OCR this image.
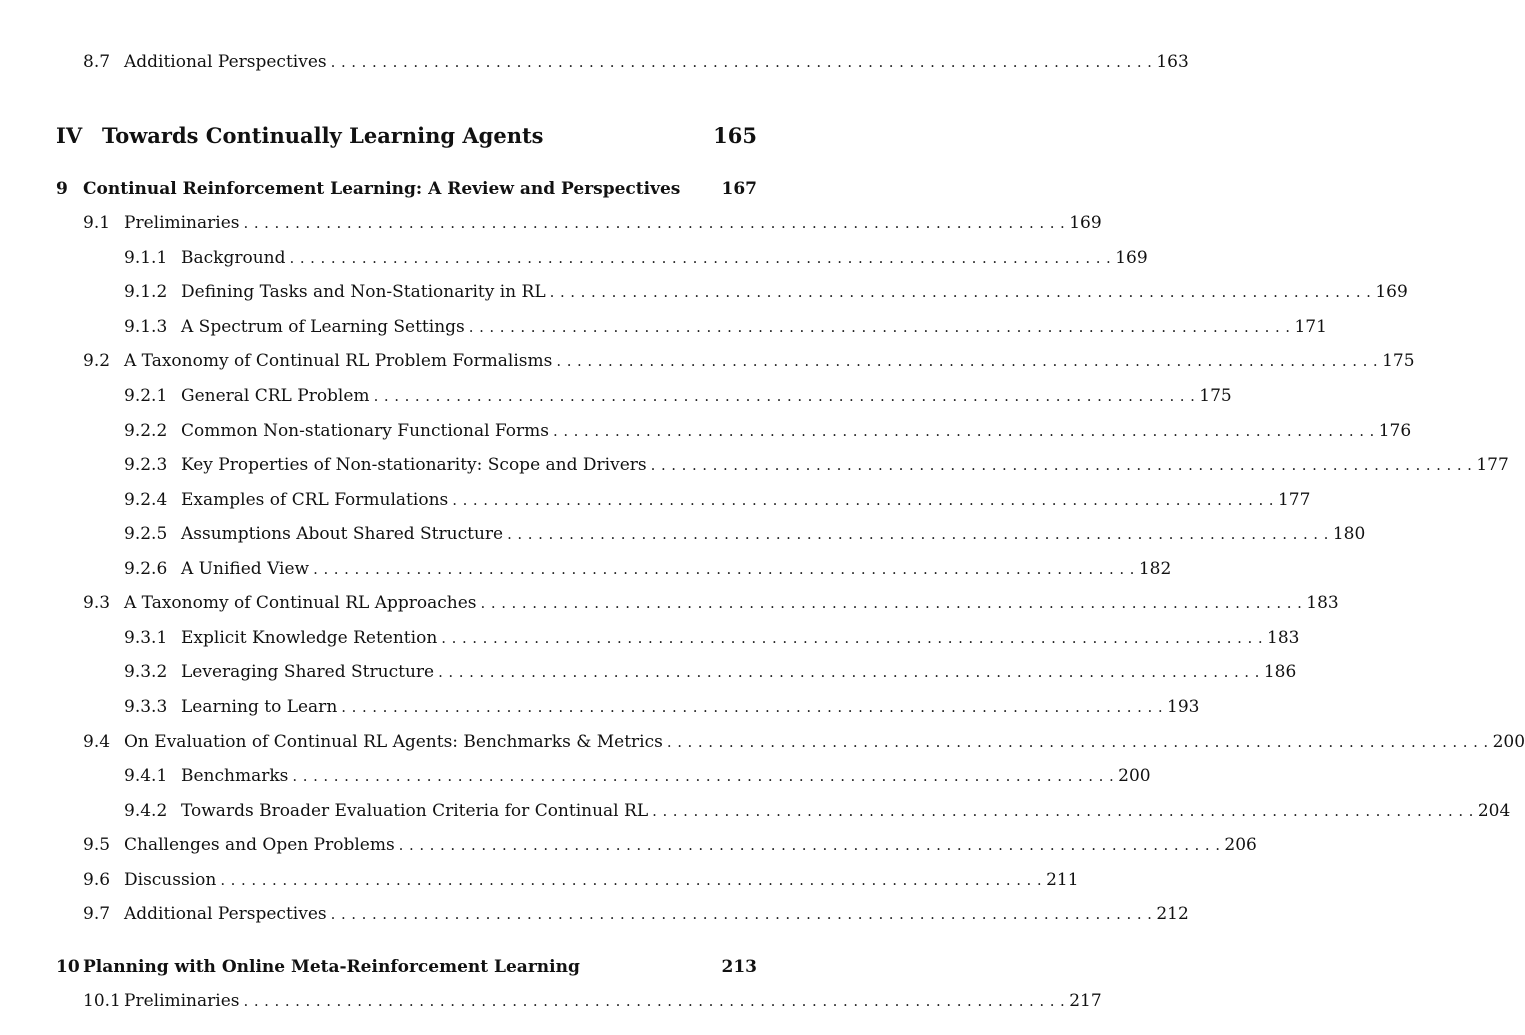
8.7 Additional Perspectives . . . . . . . . . . . . . . . . . . . . . . . . . . . . . . . . . . . . . . . . . . . . . . . . . . . . . . . . . . . . . . . . . . . . . . . . . . . . . . . . 163
IV Towards Continually Learning Agents	165
9 Continual Reinforcement Learning: A Review and Perspectives 167
9.1 Preliminaries . . . . . . . . . . . . . . . . . . . . . . . . . . . . . . . . . . . . . . . . . . . . . . . . . . . . . . . . . . . . . . . . . . . . . . . . . . . . . . . . 169
9.1.1 Background . . . . . . . . . . . . . . . . . . . . . . . . . . . . . . . . . . . . . . . . . . . . . . . . . . . . . . . . . . . . . . . . . . . . . . . . . . . . . . . . 169
9.1.2 Defining Tasks and Non-Stationarity in RL . . . . . . . . . . . . . . . . . . . . . . . . . . . . . . . . . . . . . . . . . . . . . . . . . . . . . . . . . . . . . . . . . . . . . . . . . . . . . . . . 169
9.1.3 A Spectrum of Learning Settings . . . . . . . . . . . . . . . . . . . . . . . . . . . . . . . . . . . . . . . . . . . . . . . . . . . . . . . . . . . . . . . . . . . . . . . . . . . . . . . . 171
9.2 A Taxonomy of Continual RL Problem Formalisms . . . . . . . . . . . . . . . . . . . . . . . . . . . . . . . . . . . . . . . . . . . . . . . . . . . . . . . . . . . . . . . . . . . . . . . . . . . . . . . . 175
9.2.1 General CRL Problem . . . . . . . . . . . . . . . . . . . . . . . . . . . . . . . . . . . . . . . . . . . . . . . . . . . . . . . . . . . . . . . . . . . . . . . . . . . . . . . . 175
9.2.2 Common Non-stationary Functional Forms . . . . . . . . . . . . . . . . . . . . . . . . . . . . . . . . . . . . . . . . . . . . . . . . . . . . . . . . . . . . . . . . . . . . . . . . . . . . . . . . 176
9.2.3 Key Properties of Non-stationarity: Scope and Drivers . . . . . . . . . . . . . . . . . . . . . . . . . . . . . . . . . . . . . . . . . . . . . . . . . . . . . . . . . . . . . . . . . . . . . . . . . . . . . . . . 177
9.2.4 Examples of CRL Formulations . . . . . . . . . . . . . . . . . . . . . . . . . . . . . . . . . . . . . . . . . . . . . . . . . . . . . . . . . . . . . . . . . . . . . . . . . . . . . . . . 177
9.2.5 Assumptions About Shared Structure . . . . . . . . . . . . . . . . . . . . . . . . . . . . . . . . . . . . . . . . . . . . . . . . . . . . . . . . . . . . . . . . . . . . . . . . . . . . . . . . 180
9.2.6 A Unified View . . . . . . . . . . . . . . . . . . . . . . . . . . . . . . . . . . . . . . . . . . . . . . . . . . . . . . . . . . . . . . . . . . . . . . . . . . . . . . . . 182
9.3 A Taxonomy of Continual RL Approaches . . . . . . . . . . . . . . . . . . . . . . . . . . . . . . . . . . . . . . . . . . . . . . . . . . . . . . . . . . . . . . . . . . . . . . . . . . . . . . . . 183
9.3.1 Explicit Knowledge Retention . . . . . . . . . . . . . . . . . . . . . . . . . . . . . . . . . . . . . . . . . . . . . . . . . . . . . . . . . . . . . . . . . . . . . . . . . . . . . . . . 183
9.3.2 Leveraging Shared Structure . . . . . . . . . . . . . . . . . . . . . . . . . . . . . . . . . . . . . . . . . . . . . . . . . . . . . . . . . . . . . . . . . . . . . . . . . . . . . . . . 186
9.3.3 Learning to Learn . . . . . . . . . . . . . . . . . . . . . . . . . . . . . . . . . . . . . . . . . . . . . . . . . . . . . . . . . . . . . . . . . . . . . . . . . . . . . . . . 193
9.4 On Evaluation of Continual RL Agents: Benchmarks & Metrics . . . . . . . . . . . . . . . . . . . . . . . . . . . . . . . . . . . . . . . . . . . . . . . . . . . . . . . . . . . . . . . . . . . . . . . . . . . . . . . . 200
9.4.1 Benchmarks . . . . . . . . . . . . . . . . . . . . . . . . . . . . . . . . . . . . . . . . . . . . . . . . . . . . . . . . . . . . . . . . . . . . . . . . . . . . . . . . 200
9.4.2 Towards Broader Evaluation Criteria for Continual RL . . . . . . . . . . . . . . . . . . . . . . . . . . . . . . . . . . . . . . . . . . . . . . . . . . . . . . . . . . . . . . . . . . . . . . . . . . . . . . . . 204
9.5 Challenges and Open Problems . . . . . . . . . . . . . . . . . . . . . . . . . . . . . . . . . . . . . . . . . . . . . . . . . . . . . . . . . . . . . . . . . . . . . . . . . . . . . . . . 206
9.6 Discussion . . . . . . . . . . . . . . . . . . . . . . . . . . . . . . . . . . . . . . . . . . . . . . . . . . . . . . . . . . . . . . . . . . . . . . . . . . . . . . . . 211
9.7 Additional Perspectives . . . . . . . . . . . . . . . . . . . . . . . . . . . . . . . . . . . . . . . . . . . . . . . . . . . . . . . . . . . . . . . . . . . . . . . . . . . . . . . . 212
10 Planning with Online Meta-Reinforcement Learning	213
10.1 Preliminaries . . . . . . . . . . . . . . . . . . . . . . . . . . . . . . . . . . . . . . . . . . . . . . . . . . . . . . . . . . . . . . . . . . . . . . . . . . . . . . . . 217
